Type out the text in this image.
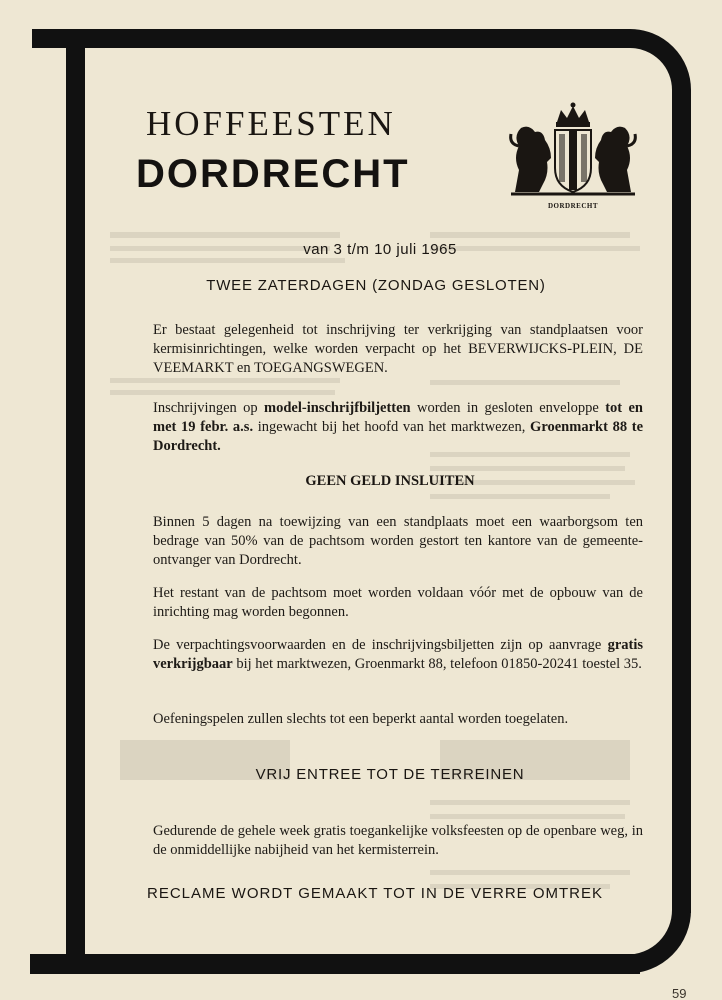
HOFFEESTEN
DORDRECHT
DORDRECHT
van 3 t/m 10 juli 1965
TWEE ZATERDAGEN (ZONDAG GESLOTEN)
Er bestaat gelegenheid tot inschrijving ter verkrijging van standplaatsen voor kermisinrichtingen, welke worden verpacht op het BEVERWIJCKS-PLEIN, DE VEEMARKT en TOEGANGSWEGEN.
Inschrijvingen op model-inschrijfbiljetten worden in gesloten enveloppe tot en met 19 febr. a.s. ingewacht bij het hoofd van het marktwezen, Groenmarkt 88 te Dordrecht.
GEEN GELD INSLUITEN
Binnen 5 dagen na toewijzing van een standplaats moet een waarborgsom ten bedrage van 50% van de pachtsom worden gestort ten kantore van de gemeente-ontvanger van Dordrecht.
Het restant van de pachtsom moet worden voldaan vóór met de opbouw van de inrichting mag worden begonnen.
De verpachtingsvoorwaarden en de inschrijvingsbiljetten zijn op aanvrage gratis verkrijgbaar bij het marktwezen, Groenmarkt 88, telefoon 01850-20241 toestel 35.
Oefeningspelen zullen slechts tot een beperkt aantal worden toegelaten.
VRIJ ENTREE TOT DE TERREINEN
Gedurende de gehele week gratis toegankelijke volksfeesten op de openbare weg, in de onmiddellijke nabijheid van het kermisterrein.
RECLAME WORDT GEMAAKT TOT IN DE VERRE OMTREK
59
